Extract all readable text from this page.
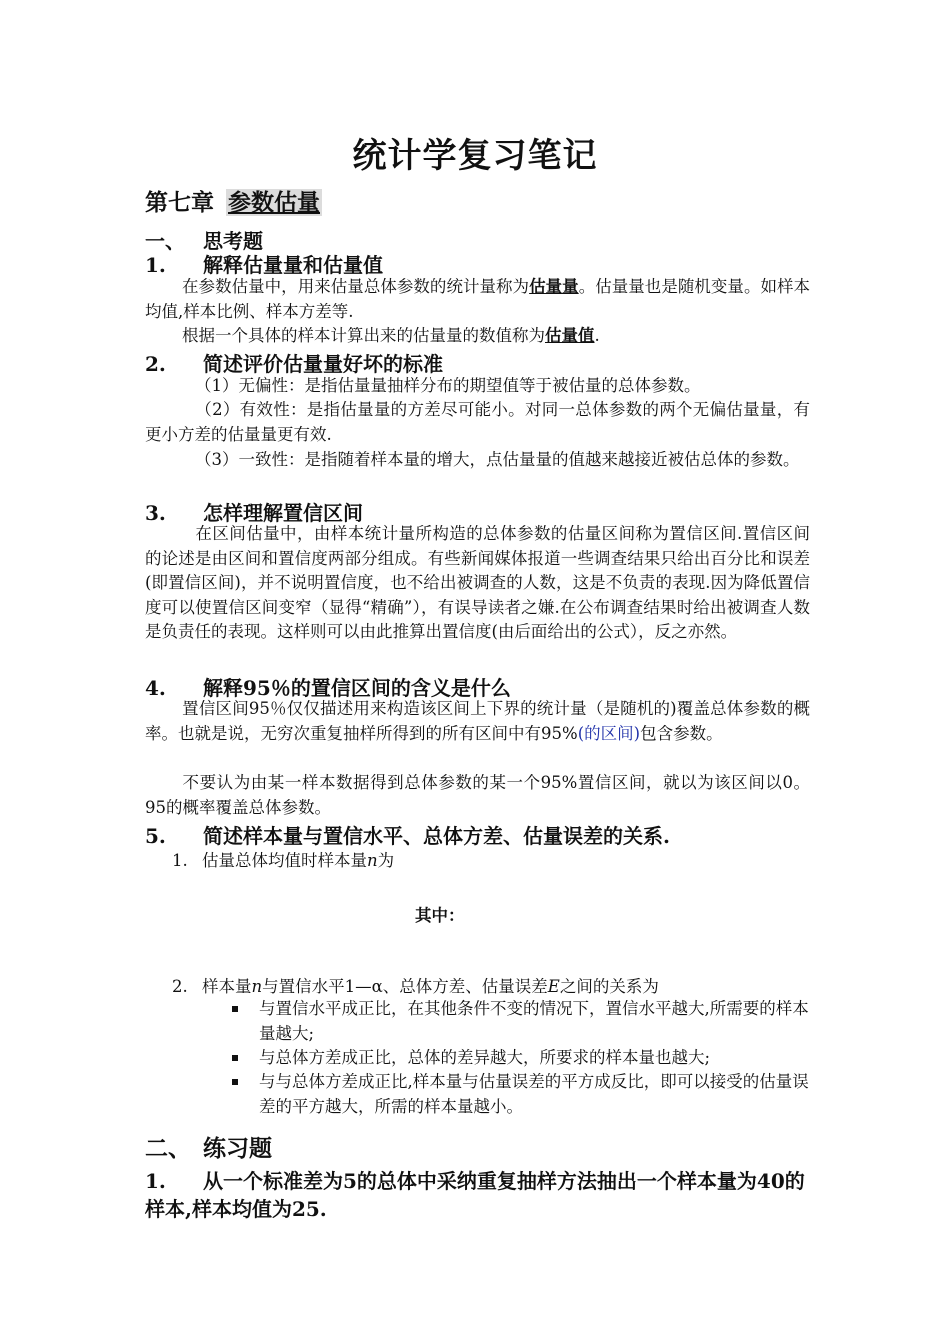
统计学复习笔记
第七章 参数估量
一、 思考题
1. 解释估量量和估量值
在参数估量中，用来估量总体参数的统计量称为估量量。估量量也是随机变量。如样本均值,样本比例、样本方差等.
根据一个具体的样本计算出来的估量量的数值称为估量值.
2. 简述评价估量量好坏的标准
（1）无偏性：是指估量量抽样分布的期望值等于被估量的总体参数。
（2）有效性：是指估量量的方差尽可能小。对同一总体参数的两个无偏估量量，有更小方差的估量量更有效.
（3）一致性：是指随着样本量的增大，点估量量的值越来越接近被估总体的参数。
3. 怎样理解置信区间
在区间估量中，由样本统计量所构造的总体参数的估量区间称为置信区间.置信区间的论述是由区间和置信度两部分组成。有些新闻媒体报道一些调查结果只给出百分比和误差(即置信区间)，并不说明置信度，也不给出被调查的人数，这是不负责的表现.因为降低置信度可以使置信区间变窄（显得“精确”），有误导读者之嫌.在公布调查结果时给出被调查人数是负责任的表现。这样则可以由此推算出置信度(由后面给出的公式），反之亦然。
4. 解释95％的置信区间的含义是什么
置信区间95％仅仅描述用来构造该区间上下界的统计量（是随机的)覆盖总体参数的概率。也就是说，无穷次重复抽样所得到的所有区间中有95%(的区间)包含参数。
不要认为由某一样本数据得到总体参数的某一个95%置信区间，就以为该区间以0。95的概率覆盖总体参数。
5. 简述样本量与置信水平、总体方差、估量误差的关系.
1. 估量总体均值时样本量n为
其中：
2. 样本量n与置信水平1—α、总体方差、估量误差E之间的关系为
与置信水平成正比，在其他条件不变的情况下，置信水平越大,所需要的样本量越大;
与总体方差成正比，总体的差异越大，所要求的样本量也越大;
与与总体方差成正比,样本量与估量误差的平方成反比，即可以接受的估量误差的平方越大，所需的样本量越小。
二、 练习题
1. 从一个标准差为5的总体中采纳重复抽样方法抽出一个样本量为40的样本,样本均值为25.
